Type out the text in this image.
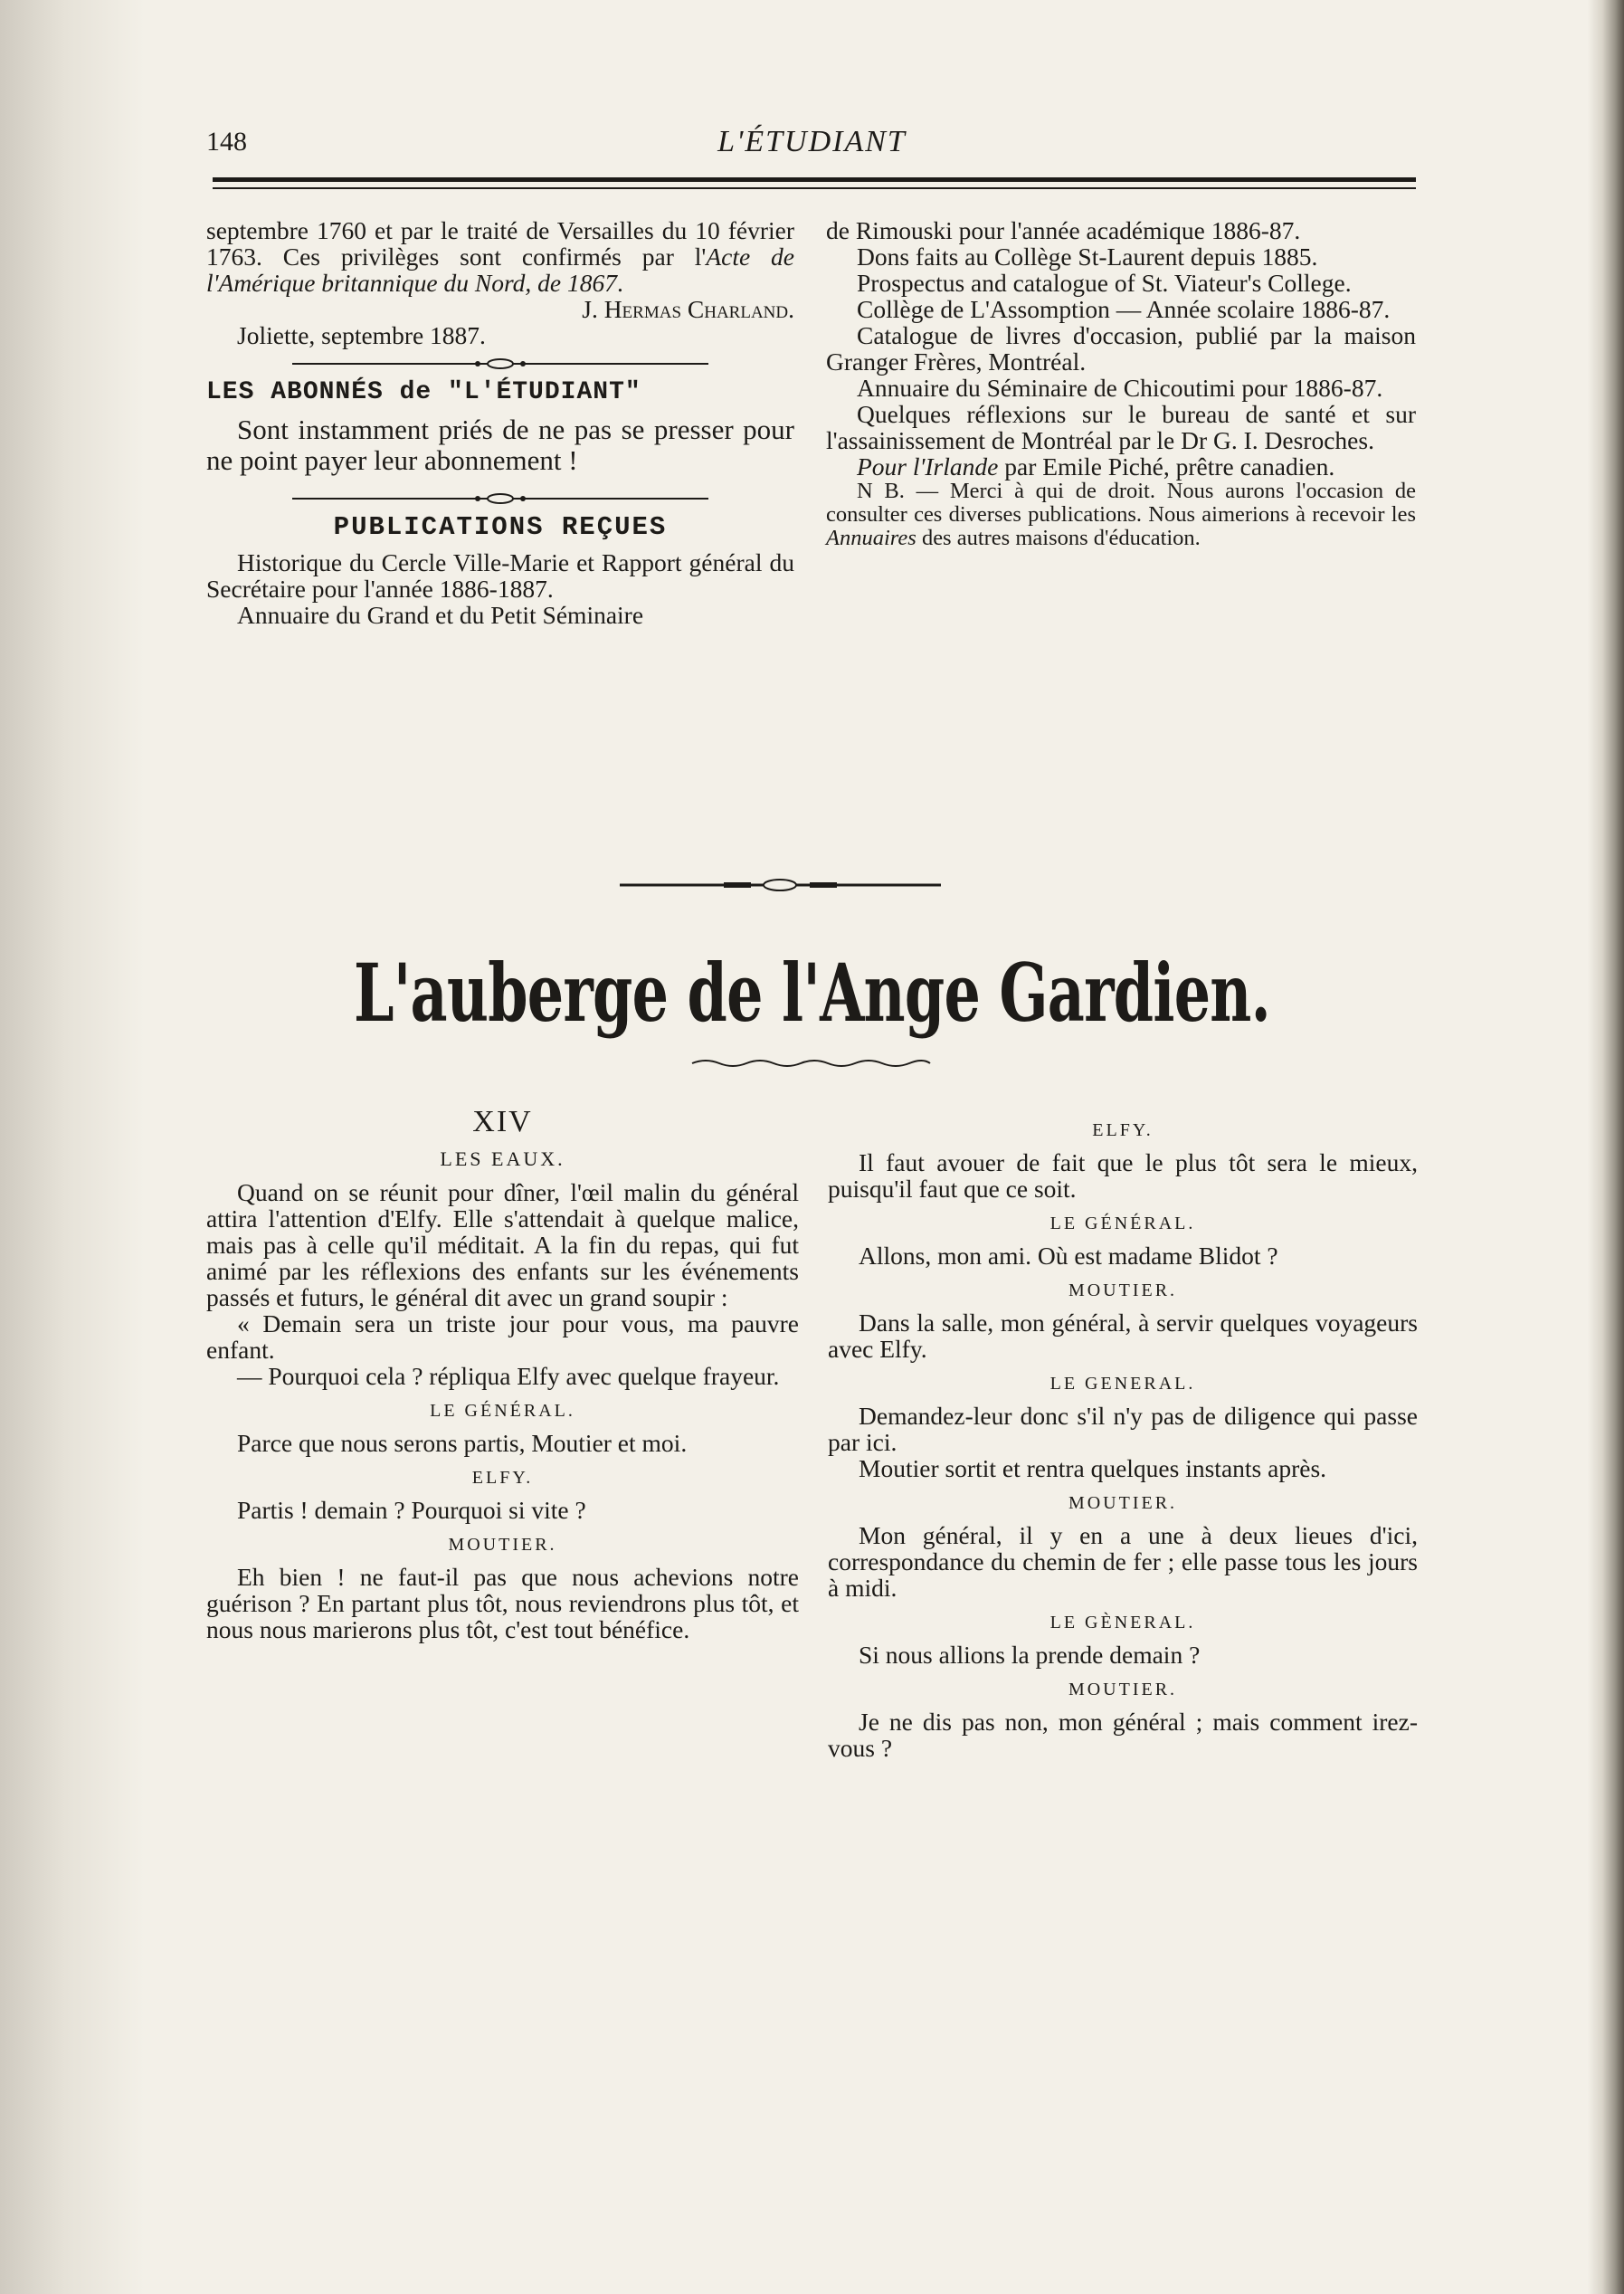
148	L'ÉTUDIANT

septembre 1760 et par le traité de Versailles du 10 février 1763. Ces privilèges sont confirmés par l'Acte de l'Amérique britannique du Nord, de 1867.

J. Hermas Charland.

Joliette, septembre 1887.

LES ABONNÉS de "L'ÉTUDIANT"

Sont instamment priés de ne pas se presser pour ne point payer leur abonnement !

PUBLICATIONS REÇUES

Historique du Cercle Ville-Marie et Rapport général du Secrétaire pour l'année 1886-1887.

Annuaire du Grand et du Petit Séminaire

de Rimouski pour l'année académique 1886-87.

Dons faits au Collège St-Laurent depuis 1885.

Prospectus and catalogue of St. Viateur's College.

Collège de L'Assomption — Année scolaire 1886-87.

Catalogue de livres d'occasion, publié par la maison Granger Frères, Montréal.

Annuaire du Séminaire de Chicoutimi pour 1886-87.

Quelques réflexions sur le bureau de santé et sur l'assainissement de Montréal par le Dr G. I. Desroches.

Pour l'Irlande par Emile Piché, prêtre canadien.

N B. — Merci à qui de droit. Nous aurons l'occasion de consulter ces diverses publications. Nous aimerions à recevoir les Annuaires des autres maisons d'éducation.

L'auberge de l'Ange Gardien.
XIV
LES EAUX.

Quand on se réunit pour dîner, l'œil malin du général attira l'attention d'Elfy. Elle s'attendait à quelque malice, mais pas à celle qu'il méditait. A la fin du repas, qui fut animé par les réflexions des enfants sur les événements passés et futurs, le général dit avec un grand soupir :

« Demain sera un triste jour pour vous, ma pauvre enfant.

— Pourquoi cela ? répliqua Elfy avec quelque frayeur.

LE GÉNÉRAL.

Parce que nous serons partis, Moutier et moi.

ELFY.

Partis ! demain ? Pourquoi si vite ?

MOUTIER.

Eh bien ! ne faut-il pas que nous achevions notre guérison ? En partant plus tôt, nous reviendrons plus tôt, et nous nous marierons plus tôt, c'est tout bénéfice.

ELFY.

Il faut avouer de fait que le plus tôt sera le mieux, puisqu'il faut que ce soit.

LE GÉNÉRAL.

Allons, mon ami. Où est madame Blidot ?

MOUTIER.

Dans la salle, mon général, à servir quelques voyageurs avec Elfy.

LE GENERAL.

Demandez-leur donc s'il n'y pas de diligence qui passe par ici.

Moutier sortit et rentra quelques instants après.

MOUTIER.

Mon général, il y en a une à deux lieues d'ici, correspondance du chemin de fer ; elle passe tous les jours à midi.

LE GÈNERAL.

Si nous allions la prende demain ?

MOUTIER.

Je ne dis pas non, mon général ; mais comment irez-vous ?
